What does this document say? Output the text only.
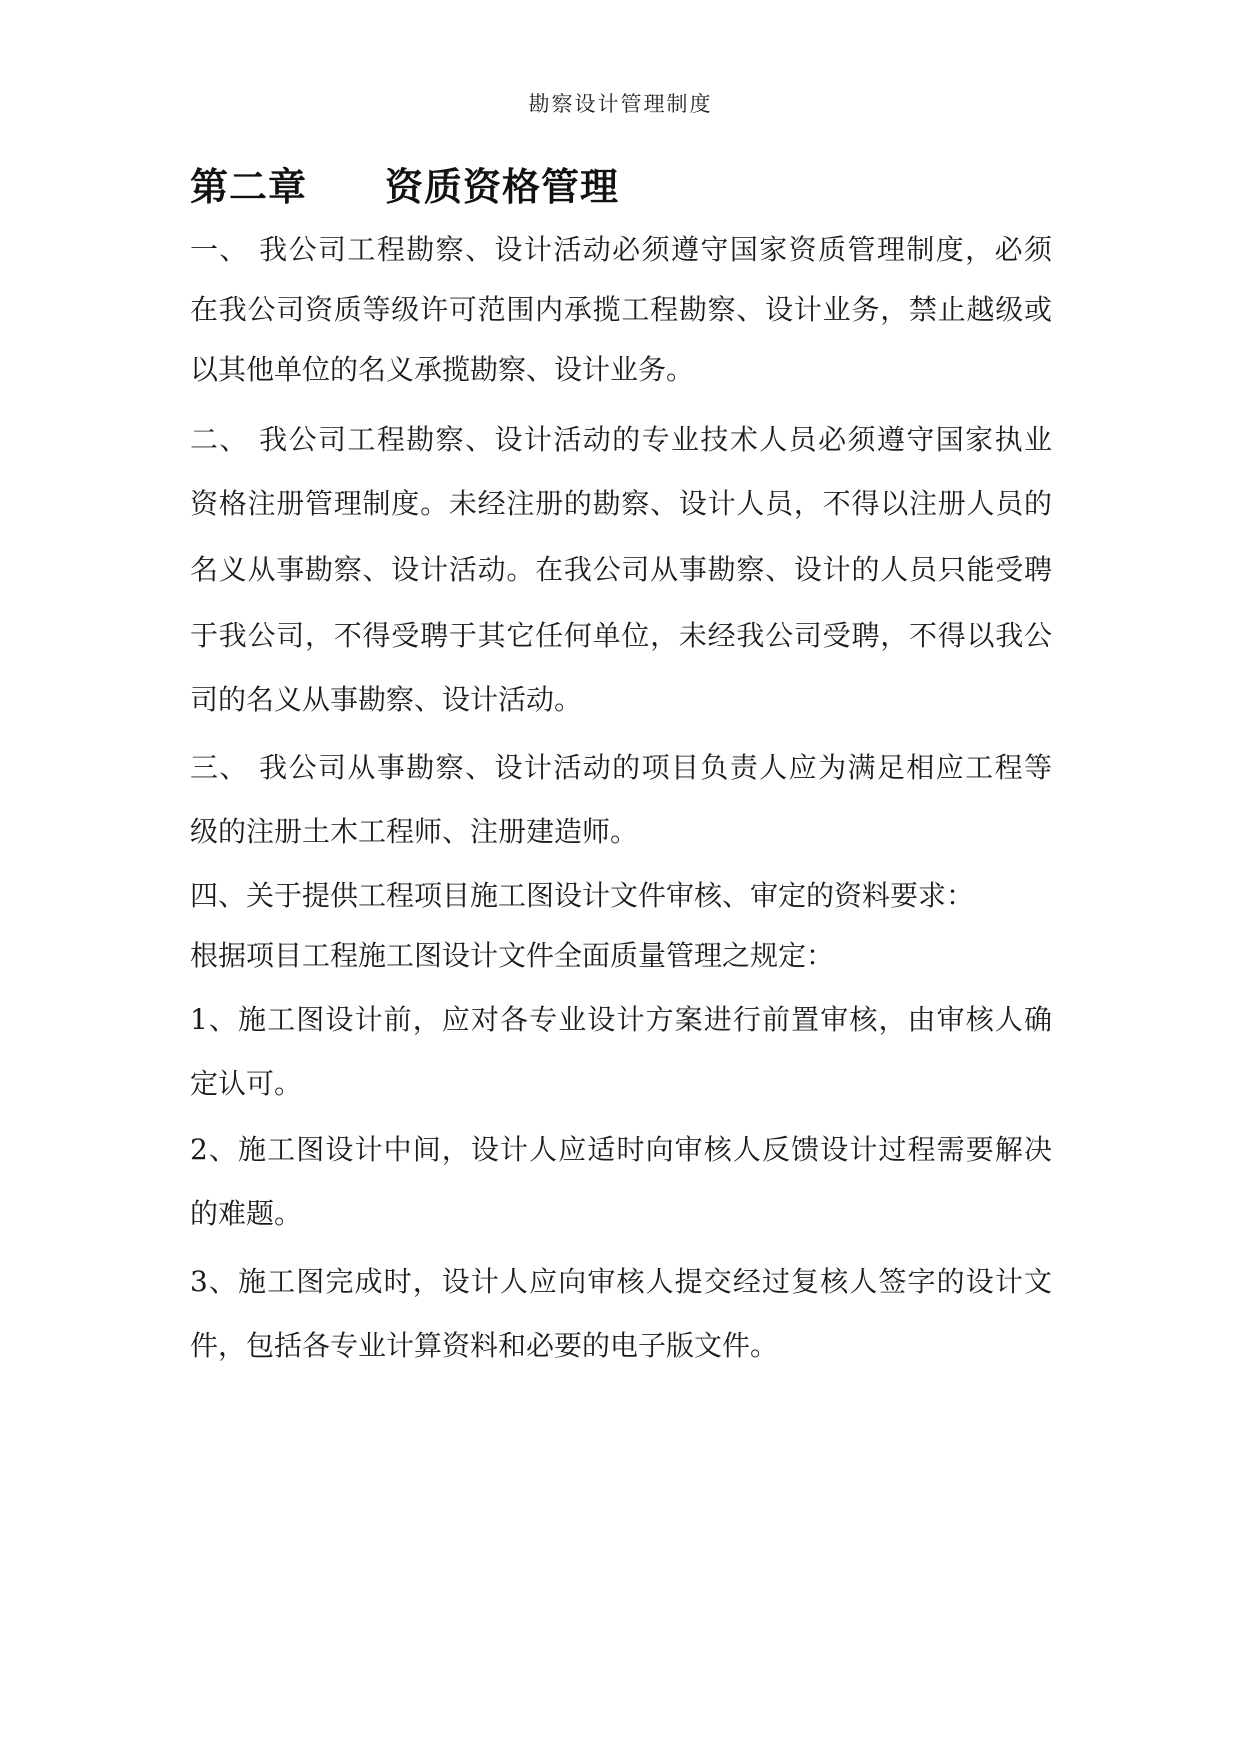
勘察设计管理制度
第二章 资质资格管理
一、 我公司工程勘察、设计活动必须遵守国家资质管理制度，必须
在我公司资质等级许可范围内承揽工程勘察、设计业务，禁止越级或
以其他单位的名义承揽勘察、设计业务。
二、 我公司工程勘察、设计活动的专业技术人员必须遵守国家执业
资格注册管理制度。未经注册的勘察、设计人员，不得以注册人员的
名义从事勘察、设计活动。在我公司从事勘察、设计的人员只能受聘
于我公司，不得受聘于其它任何单位，未经我公司受聘，不得以我公
司的名义从事勘察、设计活动。
三、 我公司从事勘察、设计活动的项目负责人应为满足相应工程等
级的注册土木工程师、注册建造师。
四、关于提供工程项目施工图设计文件审核、审定的资料要求：
根据项目工程施工图设计文件全面质量管理之规定：
1、施工图设计前，应对各专业设计方案进行前置审核，由审核人确
定认可。
2、施工图设计中间，设计人应适时向审核人反馈设计过程需要解决
的难题。
3、施工图完成时，设计人应向审核人提交经过复核人签字的设计文
件，包括各专业计算资料和必要的电子版文件。
